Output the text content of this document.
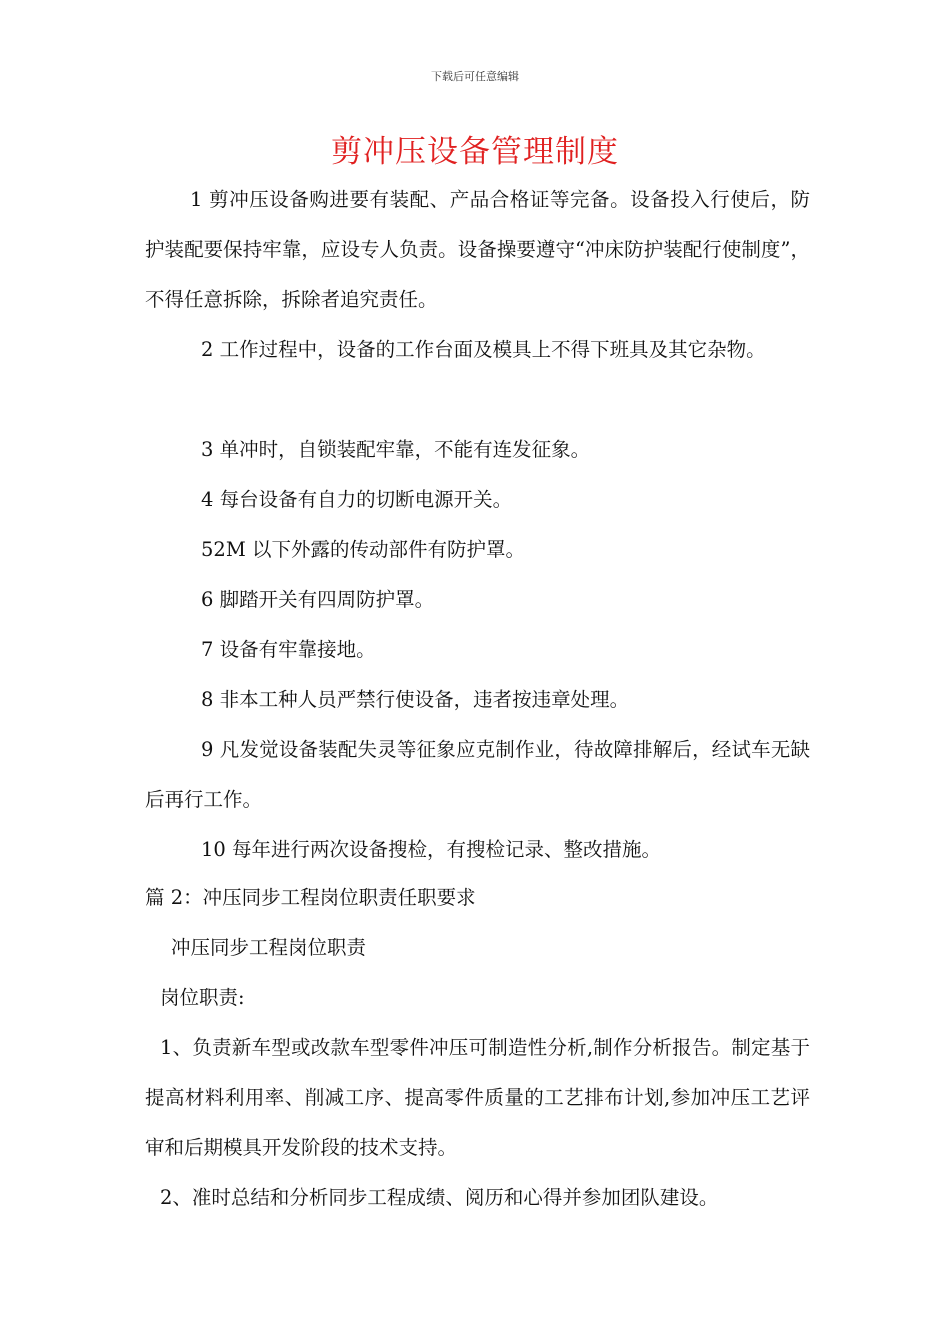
下载后可任意编辑
剪冲压设备管理制度

1 剪冲压设备购进要有装配、产品合格证等完备。设备投入行使后，防护装配要保持牢靠，应设专人负责。设备操要遵守“冲床防护装配行使制度”，不得任意拆除，拆除者追究责任。

2 工作过程中，设备的工作台面及模具上不得下班具及其它杂物。

3 单冲时，自锁装配牢靠，不能有连发征象。

4 每台设备有自力的切断电源开关。

52M 以下外露的传动部件有防护罩。

6 脚踏开关有四周防护罩。

7 设备有牢靠接地。

8 非本工种人员严禁行使设备，违者按违章处理。

9 凡发觉设备装配失灵等征象应克制作业，待故障排解后，经试车无缺后再行工作。

10 每年进行两次设备搜检，有搜检记录、整改措施。

篇 2：冲压同步工程岗位职责任职要求

冲压同步工程岗位职责

岗位职责:

1、负责新车型或改款车型零件冲压可制造性分析,制作分析报告。制定基于提高材料利用率、削减工序、提高零件质量的工艺排布计划,参加冲压工艺评审和后期模具开发阶段的技术支持。

2、准时总结和分析同步工程成绩、阅历和心得并参加团队建设。
